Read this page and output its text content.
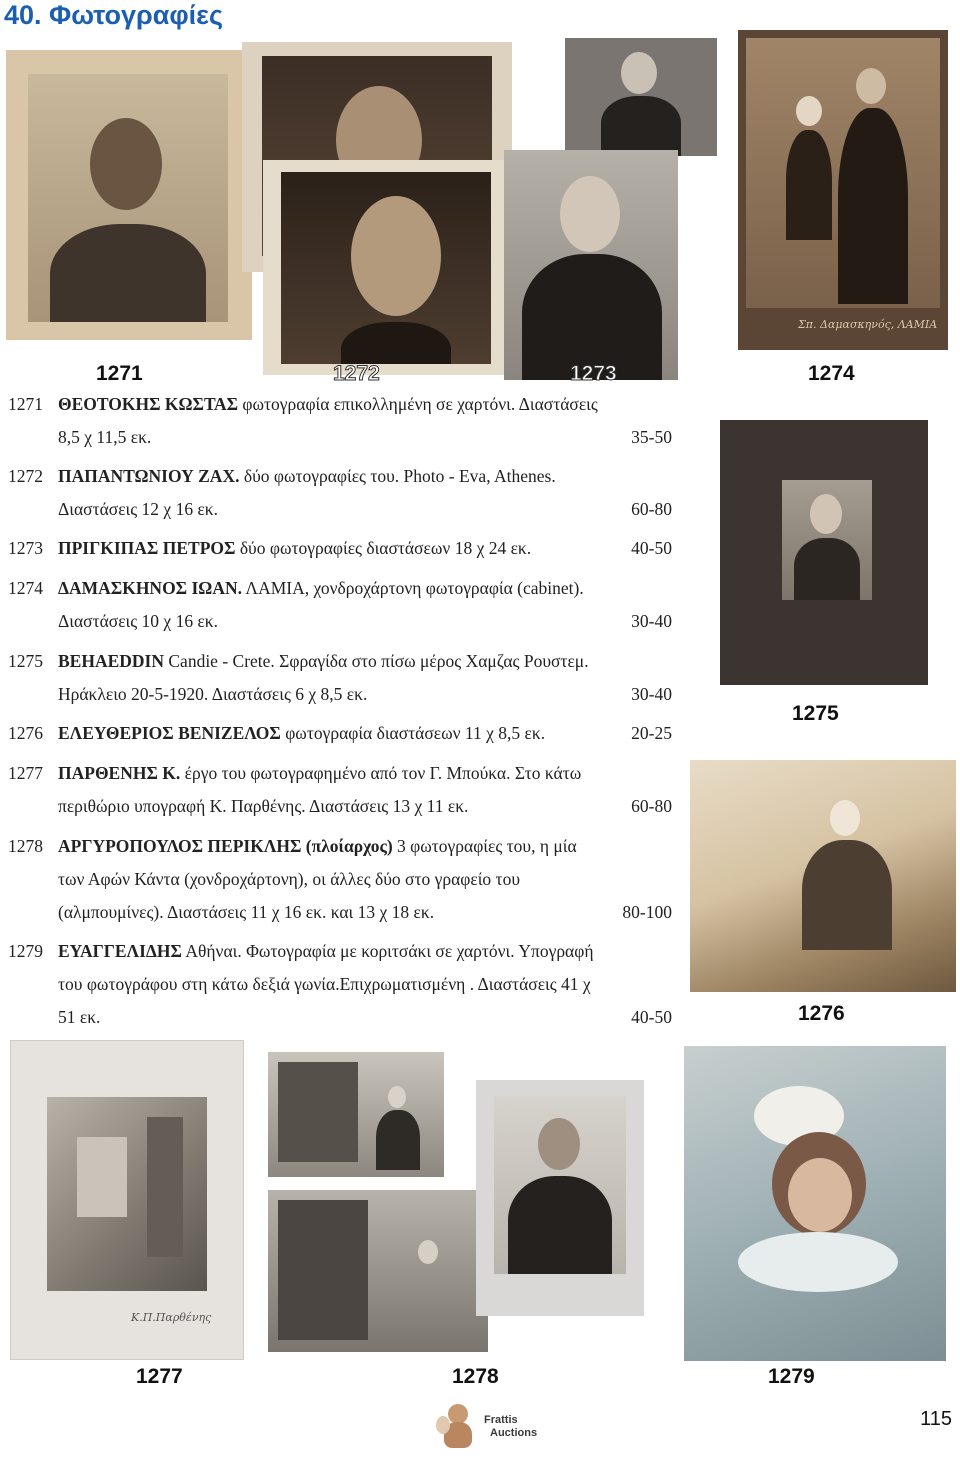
40. Φωτογραφίες
Σπ. Δαμασκηνός, ΛΑΜΙΑ
1271	1272	1273	1274
1275
1276
1271 ΘΕΟΤΟΚΗΣ ΚΩΣΤΑΣ φωτογραφία επικολλημένη σε χαρτόνι. Διαστάσεις
8,5 χ 11,5 εκ.	35-50
1272 ΠΑΠΑΝΤΩΝΙΟΥ ΖΑΧ. δύο φωτογραφίες του. Photo - Eva, Athenes.
Διαστάσεις 12 χ 16 εκ.	60-80
1273 ΠΡΙΓΚΙΠΑΣ ΠΕΤΡΟΣ δύο φωτογραφίες διαστάσεων 18 χ 24 εκ.	40-50
1274 ΔΑΜΑΣΚΗΝΟΣ ΙΩΑΝ. ΛΑΜΙΑ, χονδροχάρτονη φωτογραφία (cabinet).
Διαστάσεις 10 χ 16 εκ.	30-40
1275 BEHAEDDIN Candie - Crete. Σφραγίδα στο πίσω μέρος Χαμζας Ρουστεμ.
Ηράκλειο 20-5-1920. Διαστάσεις 6 χ 8,5 εκ.	30-40
1276 ΕΛΕΥΘΕΡΙΟΣ ΒΕΝΙΖΕΛΟΣ φωτογραφία διαστάσεων 11 χ 8,5 εκ.	20-25
1277 ΠΑΡΘΕΝΗΣ Κ. έργο του φωτογραφημένο από τον Γ. Μπούκα. Στο κάτω
περιθώριο υπογραφή Κ. Παρθένης. Διαστάσεις 13 χ 11 εκ.	60-80
1278 ΑΡΓΥΡΟΠΟΥΛΟΣ ΠΕΡΙΚΛΗΣ (πλοίαρχος) 3 φωτογραφίες του, η μία
των Αφών Κάντα (χονδροχάρτονη), οι άλλες δύο στο γραφείο του
(αλμπουμίνες). Διαστάσεις 11 χ 16 εκ. και 13 χ 18 εκ.	80-100
1279 ΕΥΑΓΓΕΛΙΔΗΣ Αθήναι. Φωτογραφία με κοριτσάκι σε χαρτόνι. Υπογραφή
του φωτογράφου στη κάτω δεξιά γωνία.Επιχρωματισμένη . Διαστάσεις 41 χ
51 εκ.	40-50
Κ.Π.Παρθένης
1277	1278	1279
Frattis
Auctions
115
